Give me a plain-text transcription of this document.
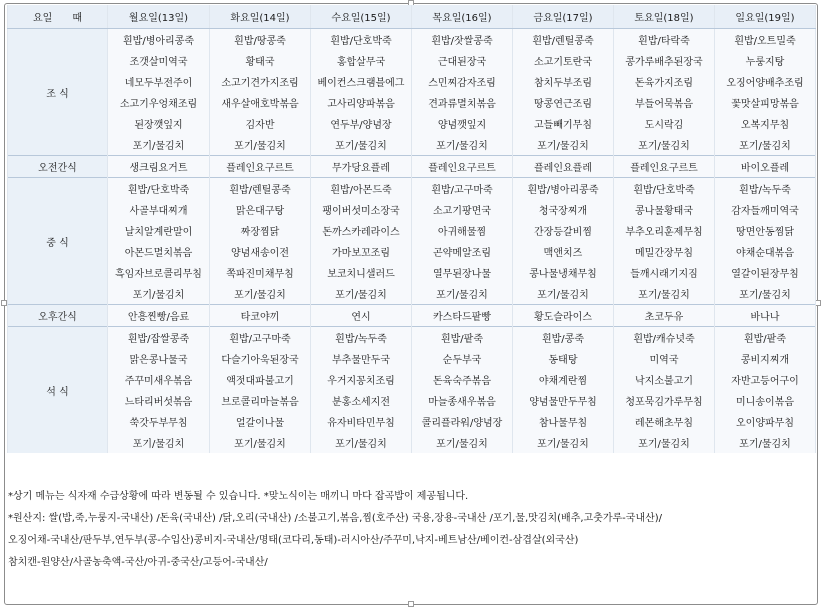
요일　　때	월요일(13일)	화요일(14일)	수요일(15일)	목요일(16일)	금요일(17일)	토요일(18일)	일요일(19일)
조 식	흰밥/병아리콩죽	흰밥/땅콩죽	흰밥/단호박죽	흰밥/잣쌀콩죽	흰밥/렌틸콩죽	흰밥/타락죽	흰밥/오트밀죽
	조갯살미역국	황태국	홍합살무국	근대된장국	소고기토란국	콩가루배추된장국	누룽지탕
	네모두부전주이	소고기견가지조림	베이컨스크램블에그	스민찌감자조림	참치두부조림	돈육가지조림	오징어양배추조림
	소고기우엉채조림	새우살애호박볶음	고사리양파볶음	견과류멸치볶음	땅콩연근조림	부들어묵볶음	꽃맛살피망볶음
	된장깻잎지	김자반	연두부/양념장	양념깻잎지	고들빼기무침	도시락김	오복지무침
	포기/물김치	포기/물김치	포기/물김치	포기/물김치	포기/물김치	포기/물김치	포기/물김치
오전간식	생크림요거트	플레인요구르트	무가당요플레	플레인요구르트	플레인요플레	플레인요구르트	바이오플레
중 식	흰밥/단호박죽	흰밥/렌틸콩죽	흰밥/아몬드죽	흰밥/고구마죽	흰밥/병아리콩죽	흰밥/단호박죽	흰밥/녹두죽
	사골부대찌개	맑은대구탕	팽이버섯미소장국	소고기팡면국	청국장찌개	콩나물황태국	감자들깨미역국
	날치알계란말이	짜장찜닭	돈까스카레라이스	아귀해물찜	간장등갈비찜	부추오리훈제무침	땅면안동찜닭
	아몬드멸치볶음	양념새송이전	가마보꼬조림	곤약메알조림	맥앤치즈	메밀간장무침	야채순대볶음
	흑임자브로콜리무침	쪽파진미채무침	보코치니샐러드	열무된장나물	콩나물냉채무침	들깨시래기지짐	열갈이된장무침
	포기/물김치	포기/물김치	포기/물김치	포기/물김치	포기/물김치	포기/물김치	포기/물김치
오후간식	안흥찐빵/음료	타코야끼	연시	카스타드팥빵	황도슬라이스	초코두유	바나나
석 식	흰밥/잡쌀콩죽	흰밥/고구마죽	흰밥/녹두죽	흰밥/팥죽	흰밥/콩죽	흰밥/캐슈넛죽	흰밥/팥죽
	맑은콩나물국	다슬기아욱된장국	부추물만두국	순두부국	동태탕	미역국	콩비지찌개
	주꾸미새우볶음	액젓대파불고기	우거지꽁치조림	돈육숙주볶음	야채계란찜	낙지소불고기	자반고등어구이
	느타리버섯볶음	브로콜리마늘볶음	분홍소세지전	마늘종새우볶음	양념물만두무침	청포묵김가루무침	미니송이볶음
	쑥갓두부무침	얼갈이나물	유자비타민무침	콜리플라워/양념장	참나물무침	레몬해초무침	오이양파무침
	포기/물김치	포기/물김치	포기/물김치	포기/물김치	포기/물김치	포기/물김치	포기/물김치
*상기 메뉴는 식자재 수급상황에 따라 변동될 수 있습니다. *맞노식이는 매끼니 마다 잡곡밥이 제공됩니다.
*원산지: 쌀(밥,죽,누룽지-국내산) /돈육(국내산) /닭,오리(국내산) /소불고기,볶음,찜(호주산) 국용,장용-국내산 /포기,물,맛김치(배추,고춧가루-국내산)/
오징어채-국내산/판두부,연두부(콩-수입산)콩비지-국내산/명태(코다리,동태)-러시아산/주꾸미,낙지-베트남산/베이컨-삼겹살(외국산)
참치캔-원양산/사골농축액-국산/아귀-중국산/고등어-국내산/
